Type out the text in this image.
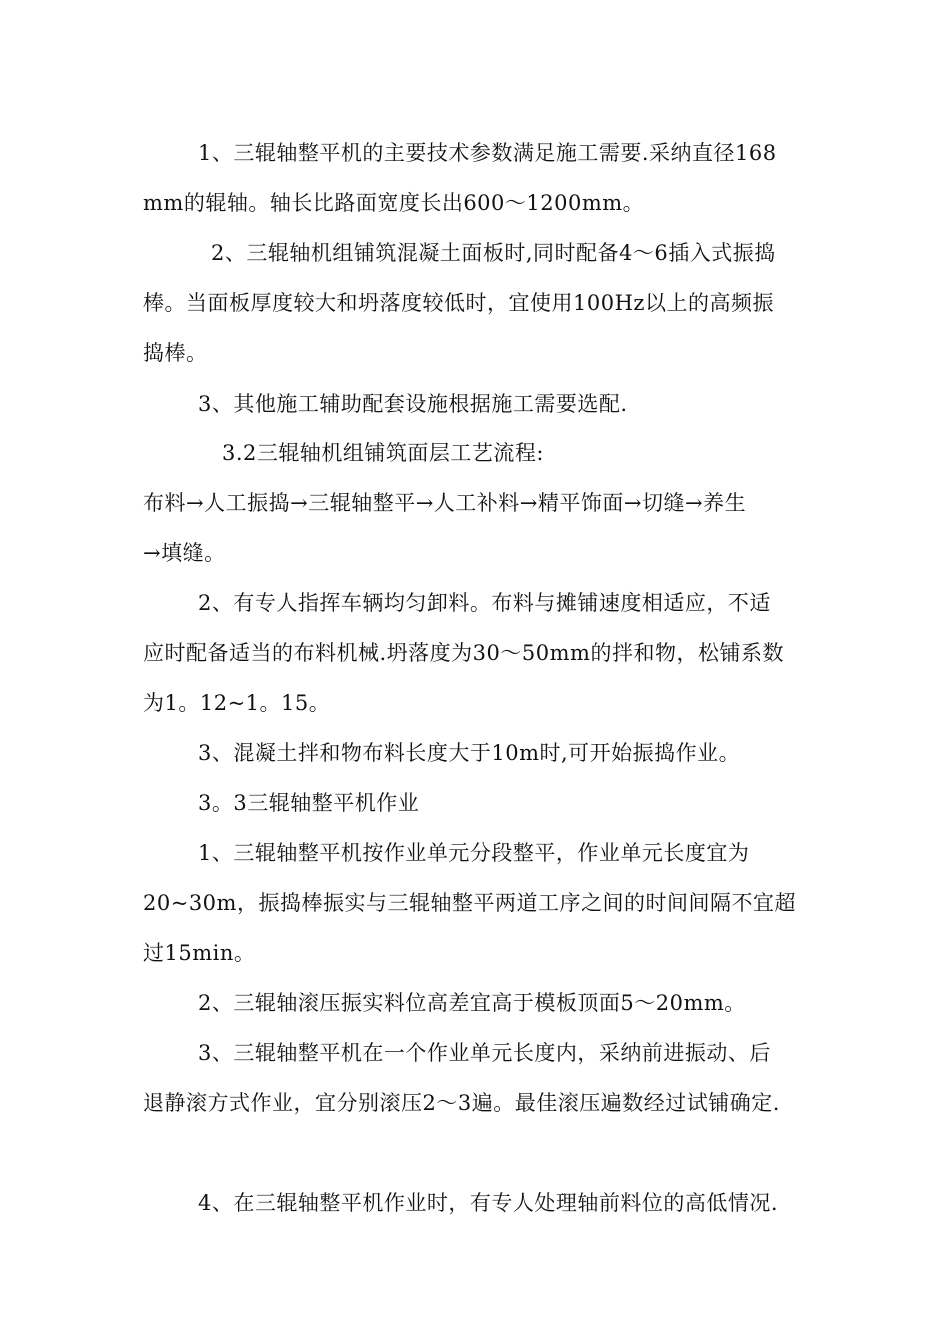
1、三辊轴整平机的主要技术参数满足施工需要.采纳直径168
mm的辊轴。轴长比路面宽度长出600～1200mm。
2、三辊轴机组铺筑混凝土面板时,同时配备4～6插入式振捣
棒。当面板厚度较大和坍落度较低时，宜使用100Hz以上的高频振
捣棒。
3、其他施工辅助配套设施根据施工需要选配.
3.2三辊轴机组铺筑面层工艺流程:
布料→人工振捣→三辊轴整平→人工补料→精平饰面→切缝→养生
→填缝。
2、有专人指挥车辆均匀卸料。布料与摊铺速度相适应，不适
应时配备适当的布料机械.坍落度为30～50mm的拌和物，松铺系数
为1。12~1。15。
3、混凝土拌和物布料长度大于10m时,可开始振捣作业。
3。3三辊轴整平机作业
1、三辊轴整平机按作业单元分段整平，作业单元长度宜为
20~30m，振捣棒振实与三辊轴整平两道工序之间的时间间隔不宜超
过15min。
2、三辊轴滚压振实料位高差宜高于模板顶面5～20mm。
3、三辊轴整平机在一个作业单元长度内，采纳前进振动、后
退静滚方式作业，宜分别滚压2～3遍。最佳滚压遍数经过试铺确定.
4、在三辊轴整平机作业时，有专人处理轴前料位的高低情况.
